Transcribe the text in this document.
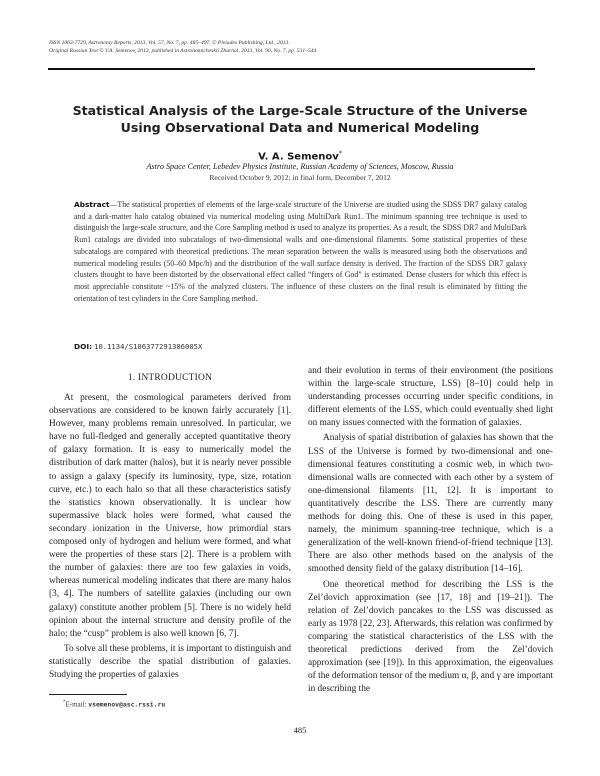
ISSN 1063-7729, Astronomy Reports, 2013, Vol. 57, No. 7, pp. 485–497. © Pleiades Publishing, Ltd., 2013.
Original Russian Text © V.A. Semenov, 2013, published in Astronomicheskii Zhurnal, 2013, Vol. 90, No. 7, pp. 531–544.
Statistical Analysis of the Large-Scale Structure of the Universe
Using Observational Data and Numerical Modeling
V. A. Semenov*
Astro Space Center, Lebedev Physics Institute, Russian Academy of Sciences, Moscow, Russia
Received October 9, 2012; in final form, December 7, 2012
Abstract—The statistical properties of elements of the large-scale structure of the Universe are studied using the SDSS DR7 galaxy catalog and a dark-matter halo catalog obtained via numerical modeling using MultiDark Run1. The minimum spanning tree technique is used to distinguish the large-scale structure, and the Core Sampling method is used to analyze its properties. As a result, the SDSS DR7 and MultiDark Run1 catalogs are divided into subcatalogs of two-dimensional walls and one-dimensional filaments. Some statistical properties of these subcatalogs are compared with theoretical predictions. The mean separation between the walls is measured using both the observations and numerical modeling results (50–60 Mpc/h) and the distribution of the wall surface density is derived. The fraction of the SDSS DR7 galaxy clusters thought to have been distorted by the observational effect called “fingers of God” is estimated. Dense clusters for which this effect is most appreciable constitute ~15% of the analyzed clusters. The influence of these clusters on the final result is eliminated by fitting the orientation of test cylinders in the Core Sampling method.
DOI: 10.1134/S106377291306005X
1. INTRODUCTION

At present, the cosmological parameters derived from observations are considered to be known fairly accurately [1]. However, many problems remain unresolved. In particular, we have no full-fledged and generally accepted quantitative theory of galaxy formation. It is easy to numerically model the distribution of dark matter (halos), but it is nearly never possible to assign a galaxy (specify its luminosity, type, size, rotation curve, etc.) to each halo so that all these characteristics satisfy the statistics known observationally. It is unclear how supermassive black holes were formed, what caused the secondary ionization in the Universe, how primordial stars composed only of hydrogen and helium were formed, and what were the properties of these stars [2]. There is a problem with the number of galaxies: there are too few galaxies in voids, whereas numerical modeling indicates that there are many halos [3, 4]. The numbers of satellite galaxies (including our own galaxy) constitute another problem [5]. There is no widely held opinion about the internal structure and density profile of the halo; the “cusp” problem is also well known [6, 7].

To solve all these problems, it is important to distinguish and statistically describe the spatial distribution of galaxies. Studying the properties of galaxies

and their evolution in terms of their environment (the positions within the large-scale structure, LSS) [8–10] could help in understanding processes occurring under specific conditions, in different elements of the LSS, which could eventually shed light on many issues connected with the formation of galaxies.

Analysis of spatial distribution of galaxies has shown that the LSS of the Universe is formed by two-dimensional and one-dimensional features constituting a cosmic web, in which two-dimensional walls are connected with each other by a system of one-dimensional filaments [11, 12]. It is important to quantitatively describe the LSS. There are currently many methods for doing this. One of these is used in this paper, namely, the minimum spanning-tree technique, which is a generalization of the well-known friend-of-friend technique [13]. There are also other methods based on the analysis of the smoothed density field of the galaxy distribution [14–16].

One theoretical method for describing the LSS is the Zel’dovich approximation (see [17, 18] and [19–21]). The relation of Zel’dovich pancakes to the LSS was discussed as early as 1978 [22, 23]. Afterwards, this relation was confirmed by comparing the statistical characteristics of the LSS with the theoretical predictions derived from the Zel’dovich approximation (see [19]). In this approximation, the eigenvalues of the deformation tensor of the medium α, β, and γ are important in describing the

*E-mail: vsemenov@asc.rssi.ru
485
